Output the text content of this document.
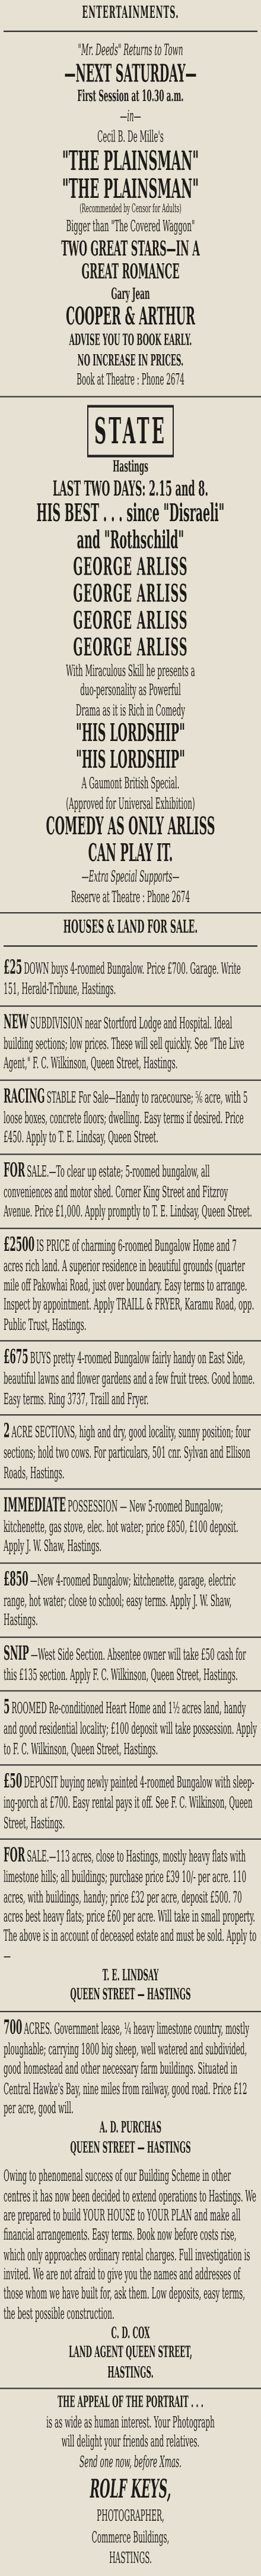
ENTERTAINMENTS.
"Mr. Deeds" Returns to Town
—NEXT SATURDAY—
First Session at 10.30 a.m.
—in—
Cecil B. De Mille's
"THE PLAINSMAN"
"THE PLAINSMAN"
(Recommended by Censor for Adults)
Bigger than "The Covered Waggon"
TWO GREAT STARS—IN A
GREAT ROMANCE
Gary Jean
COOPER & ARTHUR
ADVISE YOU TO BOOK EARLY.
NO INCREASE IN PRICES.
Book at Theatre : Phone 2674
STATE
Hastings
LAST TWO DAYS: 2.15 and 8.
HIS BEST . . . since "Disraeli"
and "Rothschild"
GEORGE ARLISS
GEORGE ARLISS
GEORGE ARLISS
GEORGE ARLISS
With Miraculous Skill he presents a
duo-personality as Powerful
Drama as it is Rich in Comedy
"HIS LORDSHIP"
"HIS LORDSHIP"
A Gaumont British Special.
(Approved for Universal Exhibition)
COMEDY AS ONLY ARLISS
CAN PLAY IT.
—Extra Special Supports—
Reserve at Theatre : Phone 2674
HOUSES & LAND FOR SALE.
£25 DOWN buys 4-roomed Bungalow. Price £700. Garage. Write 151, Herald-Tribune, Hastings.
NEW SUBDIVISION near Stortford Lodge and Hospital. Ideal building sections; low prices. These will sell quickly. See "The Live Agent," F. C. Wilkinson, Queen Street, Hastings.
RACING STABLE For Sale—Handy to racecourse; ⅚ acre, with 5 loose boxes, concrete floors; dwelling. Easy terms if desired. Price £450. Apply to T. E. Lindsay, Queen Street.
FOR SALE.—To clear up estate; 5-roomed bungalow, all conveniences and motor shed. Corner King Street and Fitzroy Avenue. Price £1,000. Apply promptly to T. E. Lindsay, Queen Street.
£2500 IS PRICE of charming 6-roomed Bungalow Home and 7 acres rich land. A superior residence in beautiful grounds (quarter mile off Pakowhai Road, just over boundary. Easy terms to arrange. Inspect by appointment. Apply TRAILL & FRYER, Karamu Road, opp. Public Trust, Hastings.
£675 BUYS pretty 4-roomed Bungalow fairly handy on East Side, beautiful lawns and flower gardens and a few fruit trees. Good home. Easy terms. Ring 3737, Traill and Fryer.
2 ACRE SECTIONS, high and dry, good locality, sunny position; four sections; hold two cows. For particulars, 501 cnr. Sylvan and Ellison Roads, Hastings.
IMMEDIATE POSSESSION — New 5-roomed Bungalow; kitchenette, gas stove, elec. hot water; price £850, £100 deposit. Apply J. W. Shaw, Hastings.
£850 —New 4-roomed Bungalow; kitchenette, garage, electric range, hot water; close to school; easy terms. Apply J. W. Shaw, Hastings.
SNIP —West Side Section. Absentee owner will take £50 cash for this £135 section. Apply F. C. Wilkinson, Queen Street, Hastings.
5 ROOMED Re-conditioned Heart Home and 1½ acres land, handy and good residential locality; £100 deposit will take possession. Apply to F. C. Wilkinson, Queen Street, Hastings.
£50 DEPOSIT buying newly painted 4-roomed Bungalow with sleep-ing-porch at £700. Easy rental pays it off. See F. C. Wilkinson, Queen Street, Hastings.
FOR SALE.—113 acres, close to Hastings, mostly heavy flats with limestone hills; all buildings; purchase price £39 10/- per acre. 110 acres, with buildings, handy; price £32 per acre, deposit £500. 70 acres best heavy flats; price £60 per acre. Will take in small property. The above is in account of deceased estate and must be sold. Apply to—
T. E. LINDSAY
QUEEN STREET — HASTINGS
700 ACRES. Government lease, ¼ heavy limestone country, mostly ploughable; carrying 1800 big sheep, well watered and subdivided, good homestead and other necessary farm buildings. Situated in Central Hawke's Bay, nine miles from railway, good road. Price £12 per acre, good will.
A. D. PURCHAS
QUEEN STREET — HASTINGS

Owing to phenomenal success of our Building Scheme in other centres it has now been decided to extend operations to Hastings. We are prepared to build YOUR HOUSE to YOUR PLAN and make all financial arrangements. Easy terms. Book now before costs rise, which only approaches ordinary rental charges. Full investigation is invited. We are not afraid to give you the names and addresses of those whom we have built for, ask them. Low deposits, easy terms, the best possible construction.

C. D. COX
LAND AGENT QUEEN STREET,
HASTINGS.
THE APPEAL OF THE PORTRAIT . . .
is as wide as human interest. Your Photograph
will delight your friends and relatives.
Send one now, before Xmas.
ROLF KEYS,
PHOTOGRAPHER,
Commerce Buildings,
HASTINGS.
